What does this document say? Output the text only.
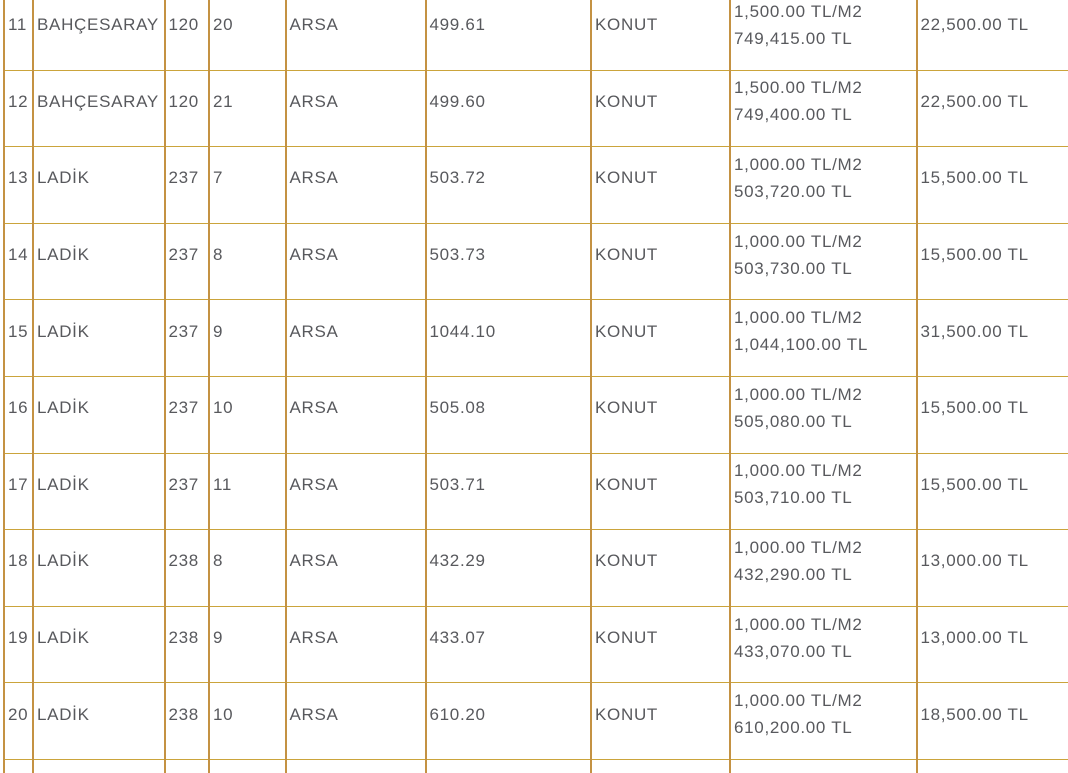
11	BAHÇESARAY	120	20	ARSA	499.61	KONUT	1,500.00 TL/M2
749,415.00 TL	22,500.00 TL
12	BAHÇESARAY	120	21	ARSA	499.60	KONUT	1,500.00 TL/M2
749,400.00 TL	22,500.00 TL
13	LADİK	237	7	ARSA	503.72	KONUT	1,000.00 TL/M2
503,720.00 TL	15,500.00 TL
14	LADİK	237	8	ARSA	503.73	KONUT	1,000.00 TL/M2
503,730.00 TL	15,500.00 TL
15	LADİK	237	9	ARSA	1044.10	KONUT	1,000.00 TL/M2
1,044,100.00 TL	31,500.00 TL
16	LADİK	237	10	ARSA	505.08	KONUT	1,000.00 TL/M2
505,080.00 TL	15,500.00 TL
17	LADİK	237	11	ARSA	503.71	KONUT	1,000.00 TL/M2
503,710.00 TL	15,500.00 TL
18	LADİK	238	8	ARSA	432.29	KONUT	1,000.00 TL/M2
432,290.00 TL	13,000.00 TL
19	LADİK	238	9	ARSA	433.07	KONUT	1,000.00 TL/M2
433,070.00 TL	13,000.00 TL
20	LADİK	238	10	ARSA	610.20	KONUT	1,000.00 TL/M2
610,200.00 TL	18,500.00 TL
